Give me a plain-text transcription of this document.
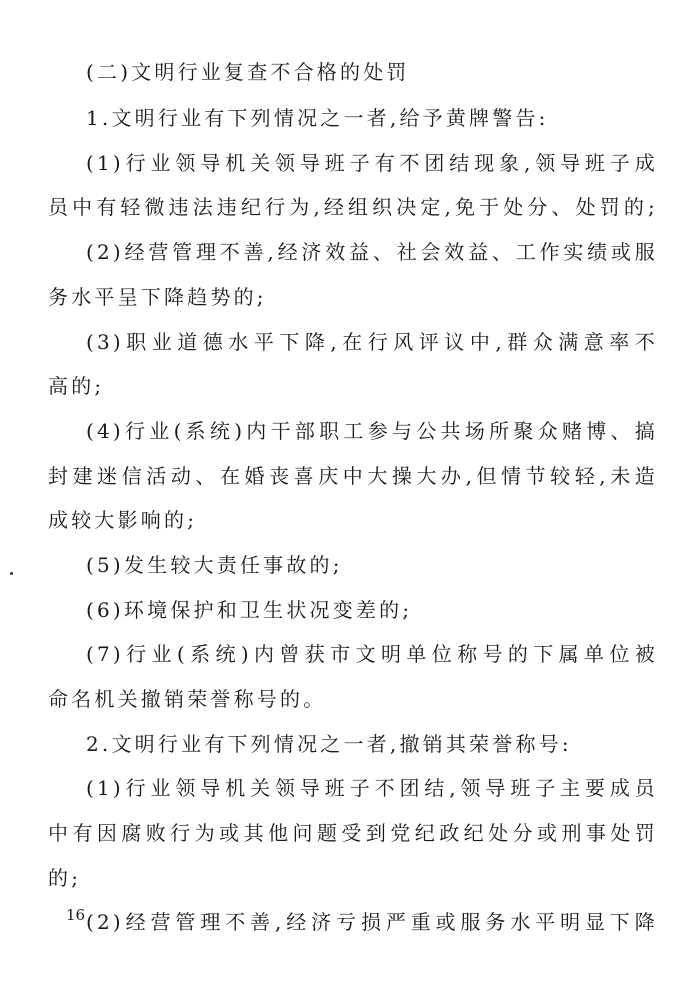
(二)文明行业复查不合格的处罚
1.文明行业有下列情况之一者,给予黄牌警告:
(1)行业领导机关领导班子有不团结现象,领导班子成
员中有轻微违法违纪行为,经组织决定,免于处分、处罚的;
(2)经营管理不善,经济效益、社会效益、工作实绩或服
务水平呈下降趋势的;
(3)职业道德水平下降,在行风评议中,群众满意率不
高的;
(4)行业(系统)内干部职工参与公共场所聚众赌博、搞
封建迷信活动、在婚丧喜庆中大操大办,但情节较轻,未造
成较大影响的;
(5)发生较大责任事故的;
(6)环境保护和卫生状况变差的;
(7)行业(系统)内曾获市文明单位称号的下属单位被
命名机关撤销荣誉称号的。
2.文明行业有下列情况之一者,撤销其荣誉称号:
(1)行业领导机关领导班子不团结,领导班子主要成员
中有因腐败行为或其他问题受到党纪政纪处分或刑事处罚
的;
(2)经营管理不善,经济亏损严重或服务水平明显下降
16
